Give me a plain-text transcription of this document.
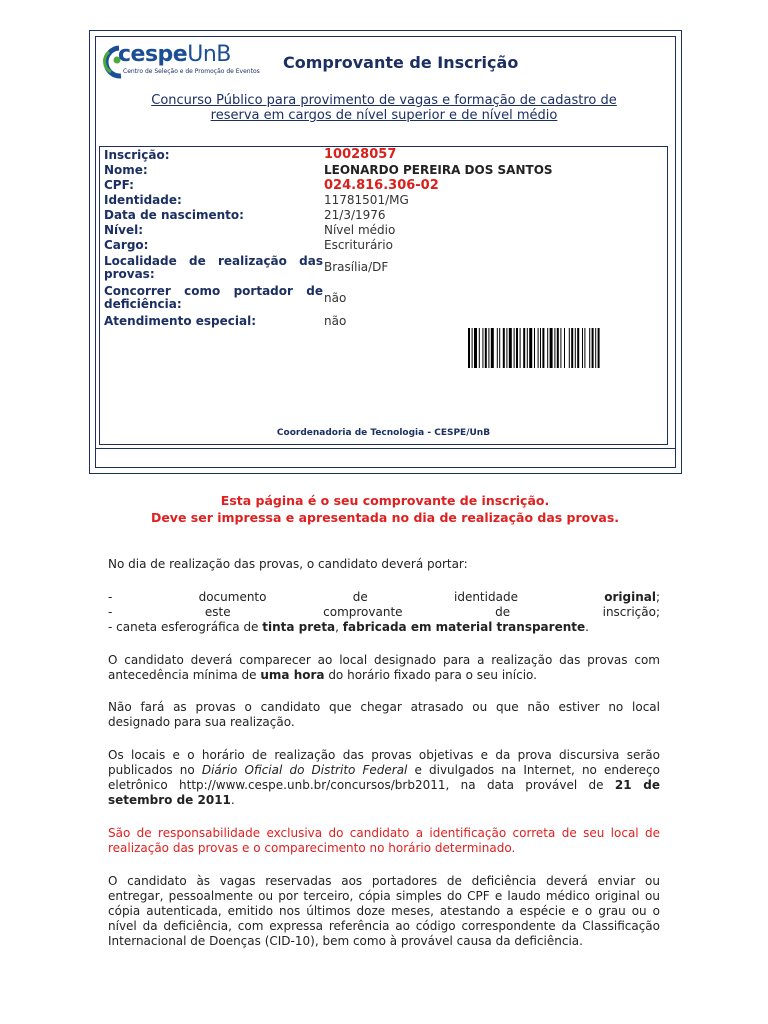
cespeUnB
Centro de Seleção e de Promoção de Eventos Comprovante de Inscrição
Concurso Público para provimento de vagas e formação de cadastro de
reserva em cargos de nível superior e de nível médio
Inscrição:	10028057
Nome:	LEONARDO PEREIRA DOS SANTOS
CPF:	024.816.306-02
Identidade:	11781501/MG
Data de nascimento:	21/3/1976
Nível:	Nível médio
Cargo:	Escriturário
Localidade de realização das provas:	Brasília/DF
Concorrer como portador de deficiência:	não
Atendimento especial:	não
Coordenadoria de Tecnologia - CESPE/UnB
Esta página é o seu comprovante de inscrição.
Deve ser impressa e apresentada no dia de realização das provas.
No dia de realização das provas, o candidato deverá portar:
- documento de identidade original;
- este comprovante de inscrição;
- caneta esferográfica de tinta preta, fabricada em material transparente.
O candidato deverá comparecer ao local designado para a realização das provas com
antecedência mínima de uma hora do horário fixado para o seu início.
Não fará as provas o candidato que chegar atrasado ou que não estiver no local
designado para sua realização.
Os locais e o horário de realização das provas objetivas e da prova discursiva serão
publicados no Diário Oficial do Distrito Federal e divulgados na Internet, no endereço
eletrônico http://www.cespe.unb.br/concursos/brb2011, na data provável de 21 de
setembro de 2011.
São de responsabilidade exclusiva do candidato a identificação correta de seu local de
realização das provas e o comparecimento no horário determinado.
O candidato às vagas reservadas aos portadores de deficiência deverá enviar ou
entregar, pessoalmente ou por terceiro, cópia simples do CPF e laudo médico original ou
cópia autenticada, emitido nos últimos doze meses, atestando a espécie e o grau ou o
nível da deficiência, com expressa referência ao código correspondente da Classificação
Internacional de Doenças (CID-10), bem como à provável causa da deficiência.
